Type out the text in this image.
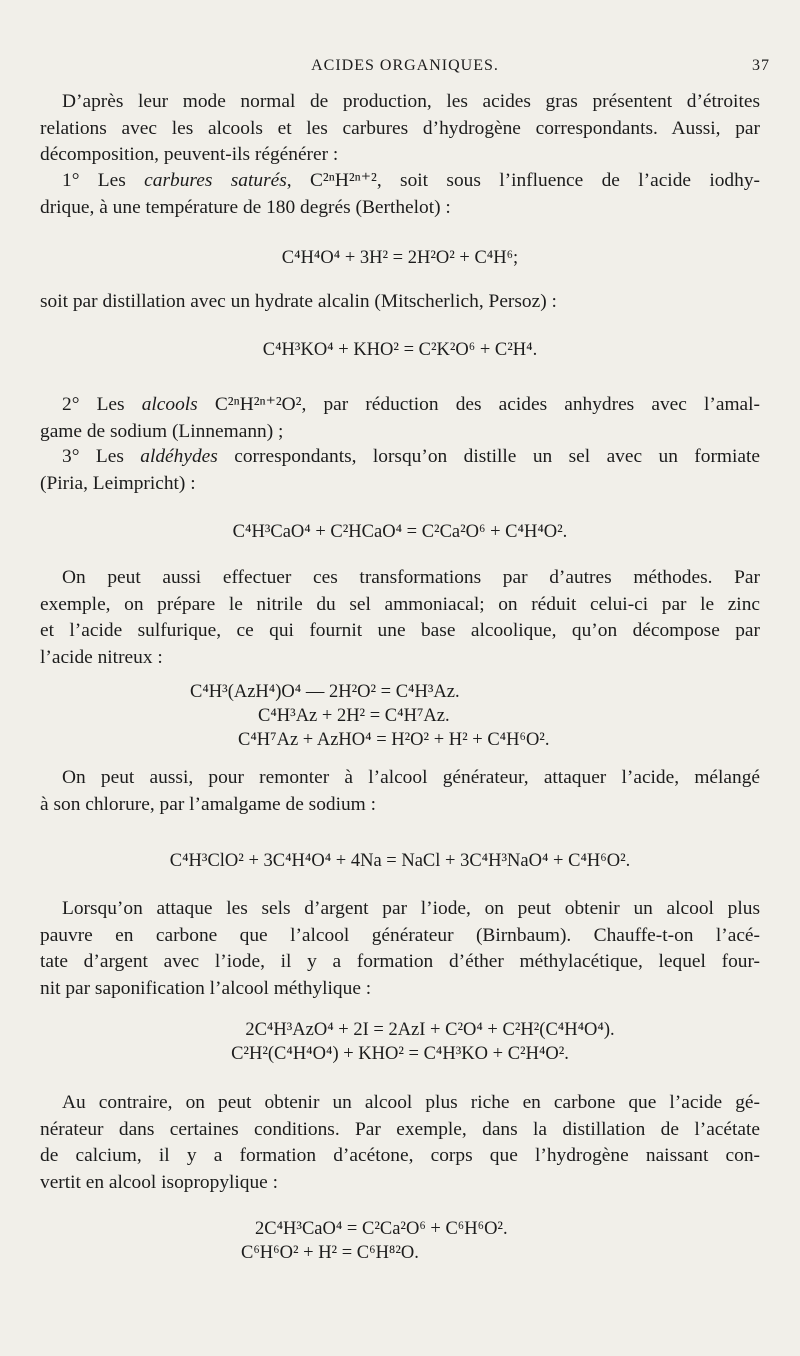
ACIDES ORGANIQUES.	37
D’après leur mode normal de production, les acides gras présentent d’étroites
relations avec les alcools et les carbures d’hydrogène correspondants. Aussi, par
décomposition, peuvent-ils régénérer :
1° Les carbures saturés, C²ⁿH²ⁿ⁺², soit sous l’influence de l’acide iodhy-
drique, à une température de 180 degrés (Berthelot) :
C⁴H⁴O⁴ + 3H² = 2H²O² + C⁴H⁶;
soit par distillation avec un hydrate alcalin (Mitscherlich, Persoz) :
C⁴H³KO⁴ + KHO² = C²K²O⁶ + C²H⁴.
2° Les alcools C²ⁿH²ⁿ⁺²O², par réduction des acides anhydres avec l’amal-
game de sodium (Linnemann) ;
3° Les aldéhydes correspondants, lorsqu’on distille un sel avec un formiate
(Piria, Leimpricht) :
C⁴H³CaO⁴ + C²HCaO⁴ = C²Ca²O⁶ + C⁴H⁴O².
On peut aussi effectuer ces transformations par d’autres méthodes. Par
exemple, on prépare le nitrile du sel ammoniacal; on réduit celui-ci par le zinc
et l’acide sulfurique, ce qui fournit une base alcoolique, qu’on décompose par
l’acide nitreux :
C⁴H³(AzH⁴)O⁴ — 2H²O² = C⁴H³Az.
C⁴H³Az + 2H² = C⁴H⁷Az.
C⁴H⁷Az + AzHO⁴ = H²O² + H² + C⁴H⁶O².
On peut aussi, pour remonter à l’alcool générateur, attaquer l’acide, mélangé
à son chlorure, par l’amalgame de sodium :
C⁴H³ClO² + 3C⁴H⁴O⁴ + 4Na = NaCl + 3C⁴H³NaO⁴ + C⁴H⁶O².
Lorsqu’on attaque les sels d’argent par l’iode, on peut obtenir un alcool plus
pauvre en carbone que l’alcool générateur (Birnbaum). Chauffe-t-on l’acé-
tate d’argent avec l’iode, il y a formation d’éther méthylacétique, lequel four-
nit par saponification l’alcool méthylique :
2C⁴H³AzO⁴ + 2I = 2AzI + C²O⁴ + C²H²(C⁴H⁴O⁴).
C²H²(C⁴H⁴O⁴) + KHO² = C⁴H³KO + C²H⁴O².
Au contraire, on peut obtenir un alcool plus riche en carbone que l’acide gé-
nérateur dans certaines conditions. Par exemple, dans la distillation de l’acétate
de calcium, il y a formation d’acétone, corps que l’hydrogène naissant con-
vertit en alcool isopropylique :
2C⁴H³CaO⁴ = C²Ca²O⁶ + C⁶H⁶O².
C⁶H⁶O² + H² = C⁶H⁸²O.
